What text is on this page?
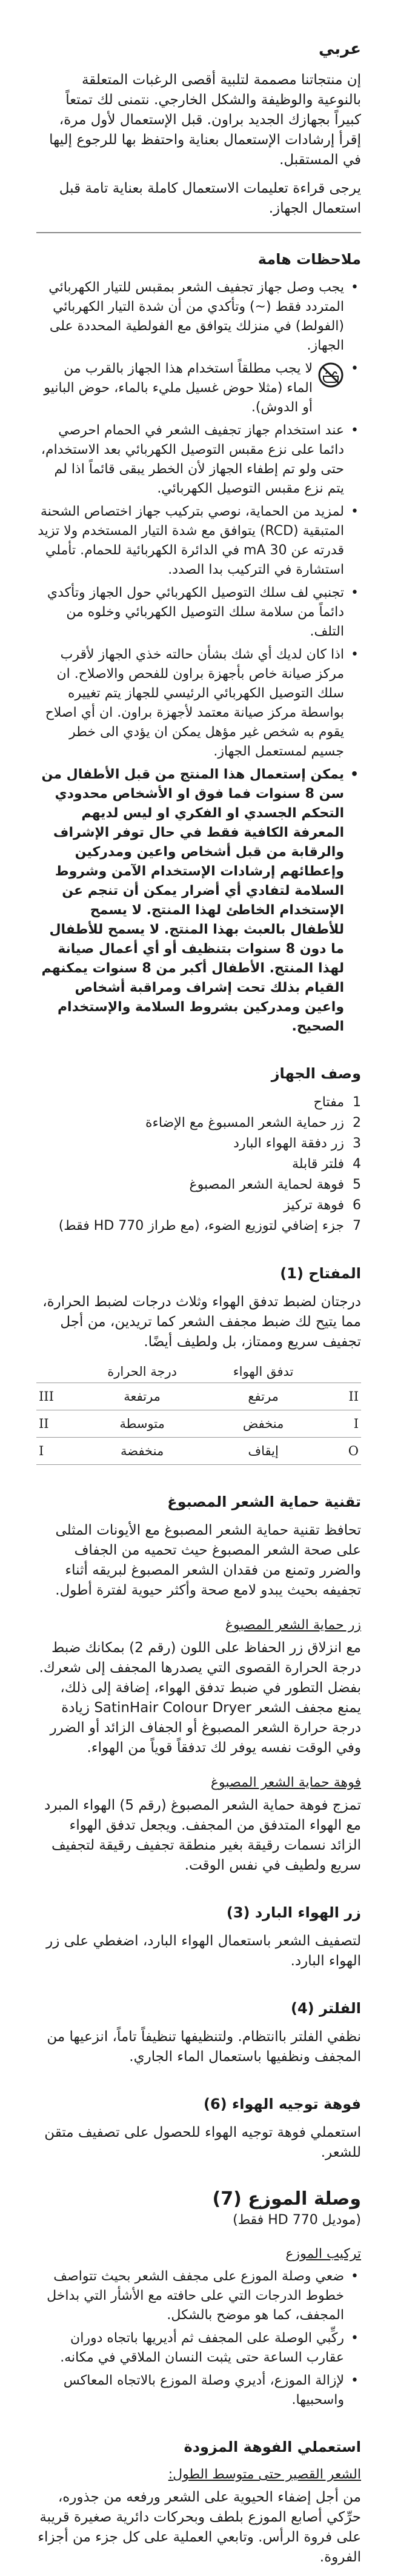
عربي

إن منتجاتنا مصممة لتلبية أقصى الرغبات المتعلقة بالنوعية والوظيفة والشكل الخارجي. نتمنى لك تمتعاً كبيراً بجهازك الجديد براون. قبل الإستعمال لأول مرة، إقرأ إرشادات الإستعمال بعناية واحتفظ بها للرجوع إليها في المستقبل.

يرجى قراءة تعليمات الاستعمال كاملة بعناية تامة قبل استعمال الجهاز.

ملاحظات هامة
• يجب وصل جهاز تجفيف الشعر بمقبس للتيار الكهربائي المتردد فقط (~) وتأكدي من أن شدة التيار الكهربائي (الفولط) في منزلك يتوافق مع الفولطية المحددة على الجهاز.
• لا يجب مطلقاً استخدام هذا الجهاز بالقرب من الماء (مثلا حوض غسيل مليء بالماء، حوض البانيو أو الدوش).
• عند استخدام جهاز تجفيف الشعر في الحمام احرصي دائما على نزع مقبس التوصيل الكهربائي بعد الاستخدام، حتى ولو تم إطفاء الجهاز لأن الخطر يبقى قائماً اذا لم يتم نزع مقبس التوصيل الكهربائي.
• لمزيد من الحماية، نوصي بتركيب جهاز اختصاص الشحنة المتبقية (RCD) يتوافق مع شدة التيار المستخدم ولا تزيد قدرته عن 30 mA في الدائرة الكهربائية للحمام. تأملي استشارة في التركيب بدا الصدد.
• تجنبي لف سلك التوصيل الكهربائي حول الجهاز وتأكدي دائماً من سلامة سلك التوصيل الكهربائي وخلوه من التلف.
• اذا كان لديك أي شك بشأن حالته خذي الجهاز لأقرب مركز صيانة خاص بأجهزة براون للفحص والاصلاح. ان سلك التوصيل الكهربائي الرئيسي للجهاز يتم تغييره بواسطة مركز صيانة معتمد لأجهزة براون. ان أي اصلاح يقوم به شخص غير مؤهل يمكن ان يؤدي الى خطر جسيم لمستعمل الجهاز.
• يمكن إستعمال هذا المنتج من قبل الأطفال من سن 8 سنوات فما فوق او الأشخاص محدودي التحكم الجسدي او الفكري او ليس لديهم المعرفة الكافية فقط في حال توفر الإشراف والرقابة من قبل أشخاص واعين ومدركين وإعطائهم إرشادات الإستخدام الآمن وشروط السلامة لتفادي أي أضرار يمكن أن تنجم عن الإستخدام الخاطئ لهذا المنتج. لا يسمح للأطفال بالعبث بهذا المنتج. لا يسمح للأطفال ما دون 8 سنوات بتنظيف أو أي أعمال صيانة لهذا المنتج. الأطفال أكبر من 8 سنوات يمكنهم القيام بذلك تحت إشراف ومراقبة أشخاص واعين ومدركين بشروط السلامة والإستخدام الصحيح.
وصف الجهاز
1
مفتاح
2
زر حماية الشعر المسبوغ مع الإضاءة
3
زر دفقة الهواء البارد
4
فلتر قابلة
5
فوهة لحماية الشعر المصبوغ
6
فوهة تركيز
7
جزء إضافي لتوزيع الضوء، (مع طراز HD 770 فقط)
المفتاح (1)

درجتان لضبط تدفق الهواء وثلاث درجات لضبط الحرارة، مما يتيح لك ضبط مجفف الشعر كما تريدين، من أجل تجفيف سريع وممتاز، بل ولطيف أيضًا.

	تدفق الهواء	درجة الحرارة	
II	مرتفع	مرتفعة	III
I	منخفض	متوسطة	II
O	إيقاف	منخفضة	I
تقنية حماية الشعر المصبوغ

تحافظ تقنية حماية الشعر المصبوغ مع الأيونات المثلى على صحة الشعر المصبوغ حيث تحميه من الجفاف والضرر وتمنع من فقدان الشعر المصبوغ لبريقه أثناء تجفيفه بحيث يبدو لامع صحة وأكثر حيوية لفترة أطول.

زر حماية الشعر المصبوغ

مع انزلاق زر الحفاظ على اللون (رقم 2) بمكانك ضبط درجة الحرارة القصوى التي يصدرها المجفف إلى شعرك. بفضل التطور في ضبط تدفق الهواء، إضافة إلى ذلك، يمنع مجفف الشعر SatinHair Colour Dryer زيادة درجة حرارة الشعر المصبوغ أو الجفاف الزائد أو الضرر وفي الوقت نفسه يوفر لك تدفقاً قوياً من الهواء.

فوهة حماية الشعر المصبوغ

تمزج فوهة حماية الشعر المصبوغ (رقم 5) الهواء المبرد مع الهواء المتدفق من المجفف. ويجعل تدفق الهواء الزائد نسمات رقيقة بغير منطقة تجفيف رقيقة لتجفيف سريع ولطيف في نفس الوقت.

زر الهواء البارد (3)

لتصفيف الشعر باستعمال الهواء البارد، اضغطي على زر الهواء البارد.

الفلتر (4)

نظفي الفلتر باانتظام. ولتنظيفها تنظيفاً تاماً، انزعيها من المجفف ونظفيها باستعمال الماء الجاري.

فوهة توجيه الهواء (6)

استعملي فوهة توجيه الهواء للحصول على تصفيف متقن للشعر.

وصلة الموزع (7)
(موديل HD 770 فقط)
تركيب الموزع
• ضعي وصلة الموزع على مجفف الشعر بحيث تتواصف خطوط الدرجات التي على حافته مع الأشأر التي بداخل المجفف، كما هو موضح بالشكل.
• ركِّبي الوصلة على المجفف ثم أديريها باتجاه دوران عقارب الساعة حتى يثبت النسان الملاقي في مكانه.
• لإزالة الموزع، أديري وصلة الموزع بالاتجاه المعاكس واسحبيها.
استعملي الفوهة المزودة
الشعر القصير حتى متوسط الطول:

من أجل إضفاء الحيوية على الشعر ورفعه من جذوره، حرِّكي أصابع الموزع بلطف وبحركات دائرية صغيرة قريبة على فروة الرأس. وتابعي العملية على كل جزء من أجزاء الفروة.
